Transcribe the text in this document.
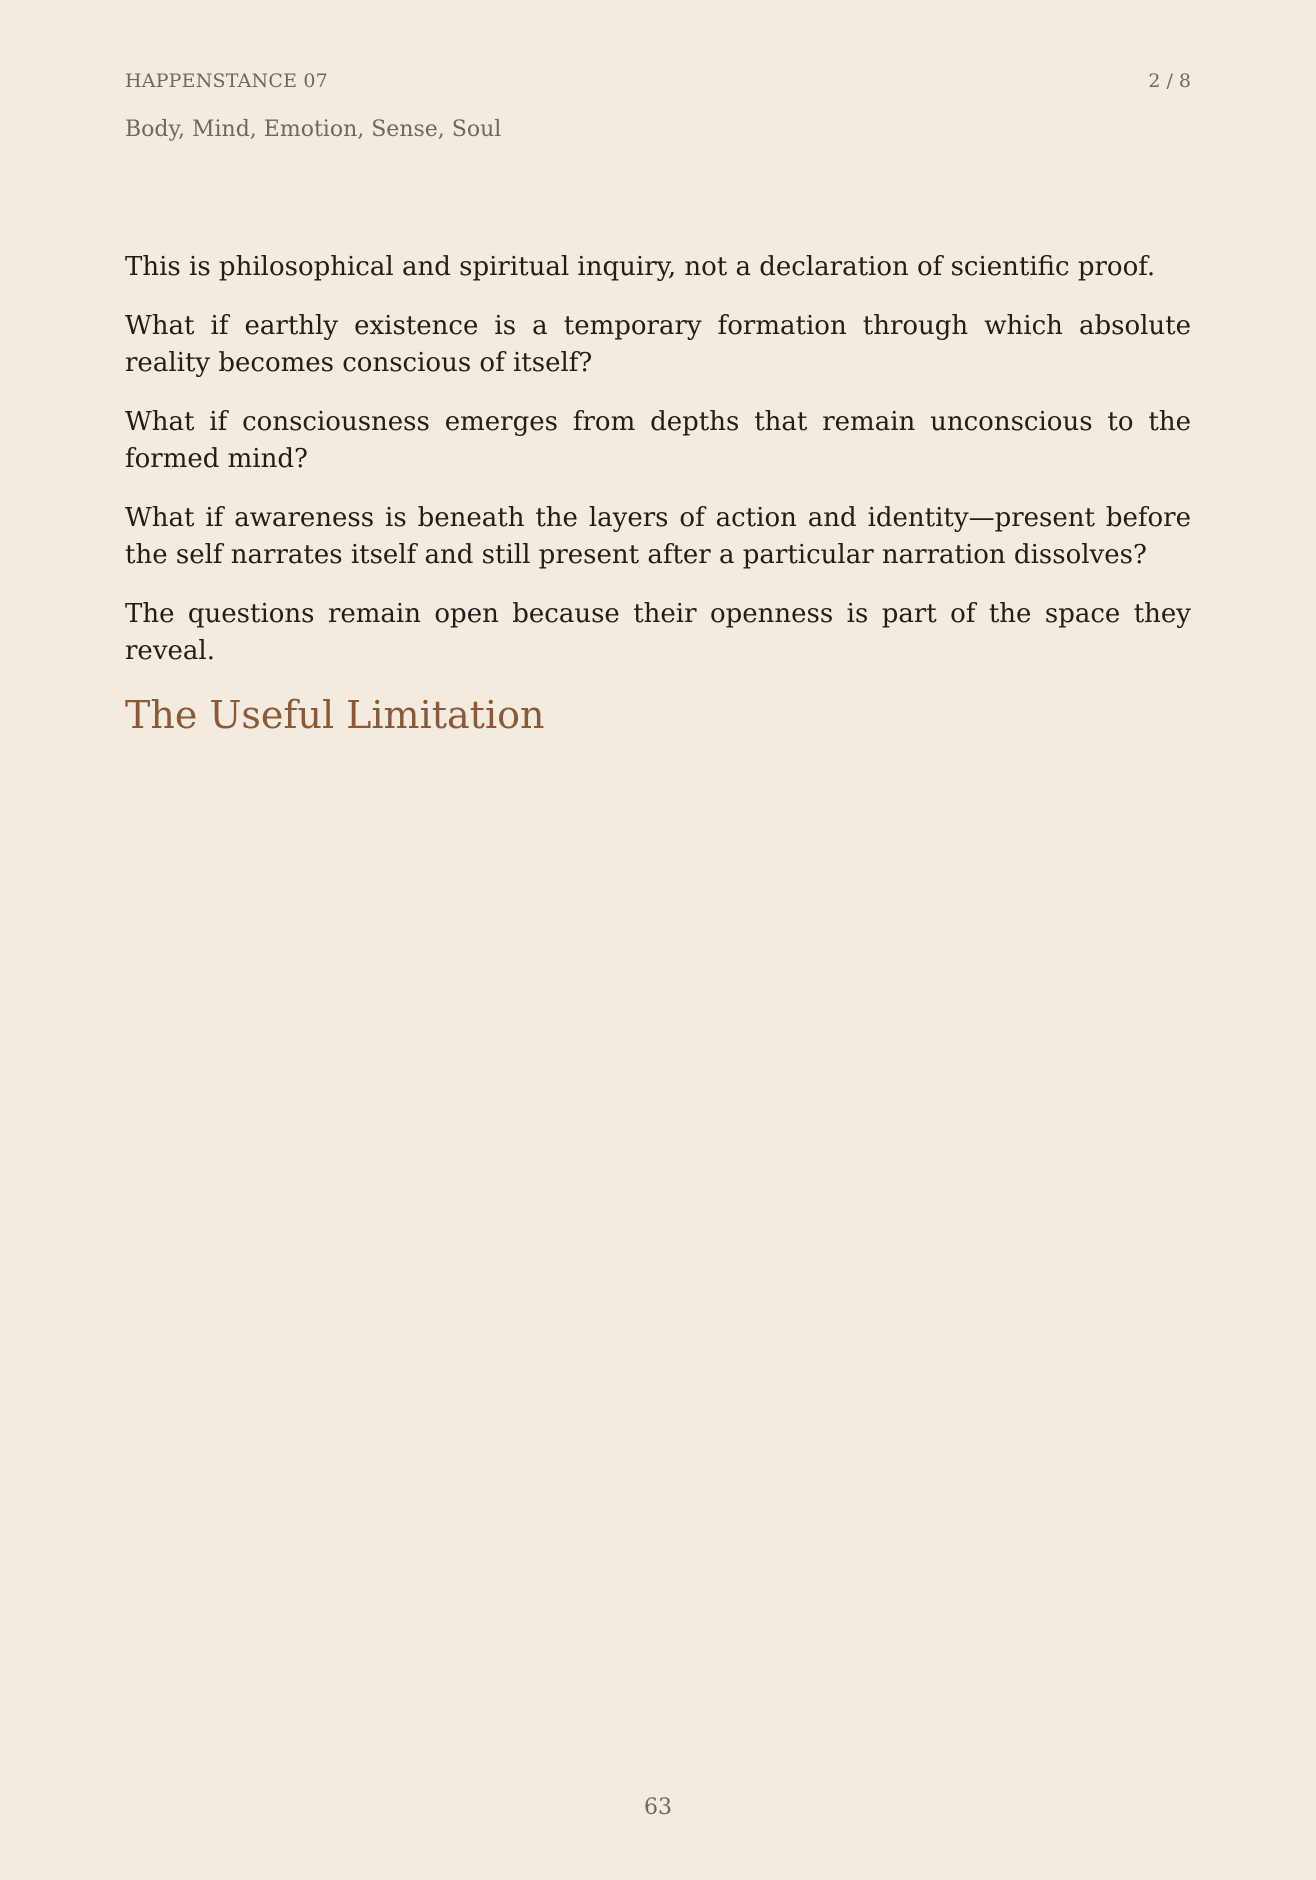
HAPPENSTANCE 07	2 / 8
Body, Mind, Emotion, Sense, Soul

This is philosophical and spiritual inquiry, not a declaration of scientific proof.

What if earthly existence is a temporary formation through which absolute reality becomes conscious of itself?

What if consciousness emerges from depths that remain unconscious to the formed mind?

What if awareness is beneath the layers of action and identity—present before the self narrates itself and still present after a particular narration dissolves?

The questions remain open because their openness is part of the space they reveal.

The Useful Limitation
63
